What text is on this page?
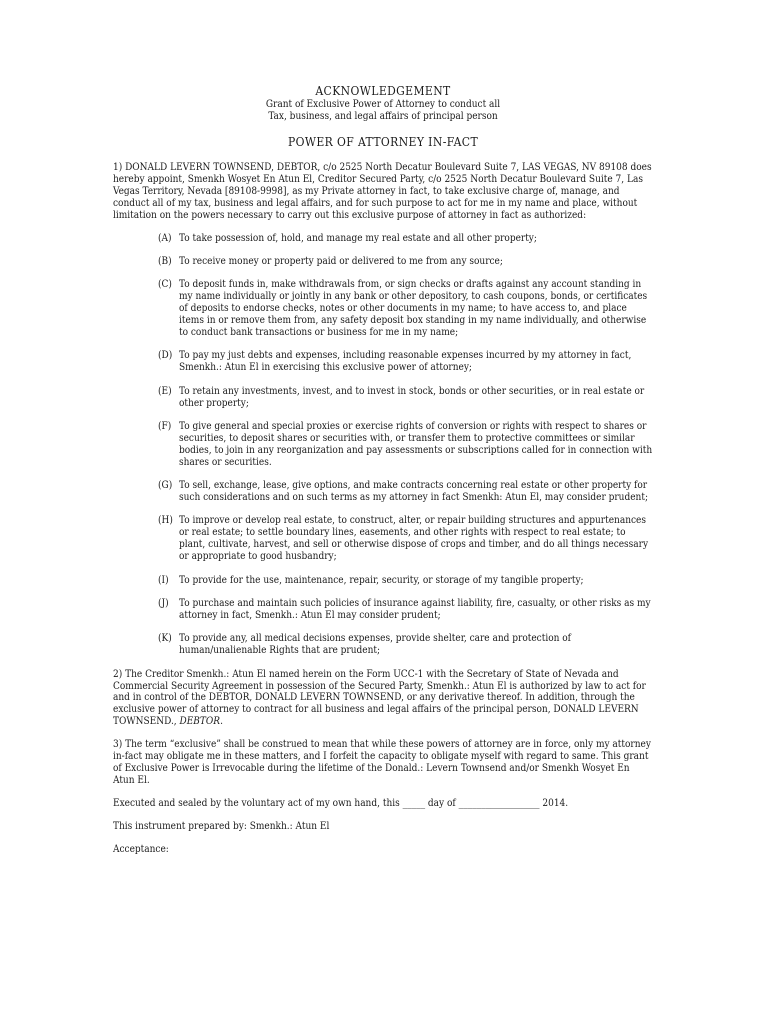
ACKNOWLEDGEMENT

Grant of Exclusive Power of Attorney to conduct all

Tax, business, and legal affairs of principal person

POWER OF ATTORNEY IN-FACT

1) DONALD LEVERN TOWNSEND, DEBTOR, c/o 2525 North Decatur Boulevard Suite 7, LAS VEGAS, NV 89108 does hereby appoint, Smenkh Wosyet En Atun El, Creditor Secured Party, c/o 2525 North Decatur Boulevard Suite 7, Las Vegas Territory, Nevada [89108-9998], as my Private attorney in fact, to take exclusive charge of, manage, and conduct all of my tax, business and legal affairs, and for such purpose to act for me in my name and place, without limitation on the powers necessary to carry out this exclusive purpose of attorney in fact as authorized:

(A) To take possession of, hold, and manage my real estate and all other property;
(B) To receive money or property paid or delivered to me from any source;
(C) To deposit funds in, make withdrawals from, or sign checks or drafts against any account standing in my name individually or jointly in any bank or other depository, to cash coupons, bonds, or certificates of deposits to endorse checks, notes or other documents in my name; to have access to, and place items in or remove them from, any safety deposit box standing in my name individually, and otherwise to conduct bank transactions or business for me in my name;
(D) To pay my just debts and expenses, including reasonable expenses incurred by my attorney in fact, Smenkh.: Atun El in exercising this exclusive power of attorney;
(E) To retain any investments, invest, and to invest in stock, bonds or other securities, or in real estate or other property;
(F) To give general and special proxies or exercise rights of conversion or rights with respect to shares or securities, to deposit shares or securities with, or transfer them to protective committees or similar bodies, to join in any reorganization and pay assessments or subscriptions called for in connection with shares or securities.
(G) To sell, exchange, lease, give options, and make contracts concerning real estate or other property for such considerations and on such terms as my attorney in fact Smenkh: Atun El, may consider prudent;
(H) To improve or develop real estate, to construct, alter, or repair building structures and appurtenances or real estate; to settle boundary lines, easements, and other rights with respect to real estate; to plant, cultivate, harvest, and sell or otherwise dispose of crops and timber, and do all things necessary or appropriate to good husbandry;
(I) To provide for the use, maintenance, repair, security, or storage of my tangible property;
(J) To purchase and maintain such policies of insurance against liability, fire, casualty, or other risks as my attorney in fact, Smenkh.: Atun El may consider prudent;
(K) To provide any, all medical decisions expenses, provide shelter, care and protection of human/unalienable Rights that are prudent;

2) The Creditor Smenkh.: Atun El named herein on the Form UCC-1 with the Secretary of State of Nevada and Commercial Security Agreement in possession of the Secured Party, Smenkh.: Atun El is authorized by law to act for and in control of the DEBTOR, DONALD LEVERN TOWNSEND, or any derivative thereof. In addition, through the exclusive power of attorney to contract for all business and legal affairs of the principal person, DONALD LEVERN TOWNSEND., DEBTOR.

3) The term “exclusive” shall be construed to mean that while these powers of attorney are in force, only my attorney in-fact may obligate me in these matters, and I forfeit the capacity to obligate myself with regard to same. This grant of Exclusive Power is Irrevocable during the lifetime of the Donald.: Levern Townsend and/or Smenkh Wosyet En Atun El.

Executed and sealed by the voluntary act of my own hand, this _____ day of __________________ 2014.

This instrument prepared by: Smenkh.: Atun El

Acceptance:
